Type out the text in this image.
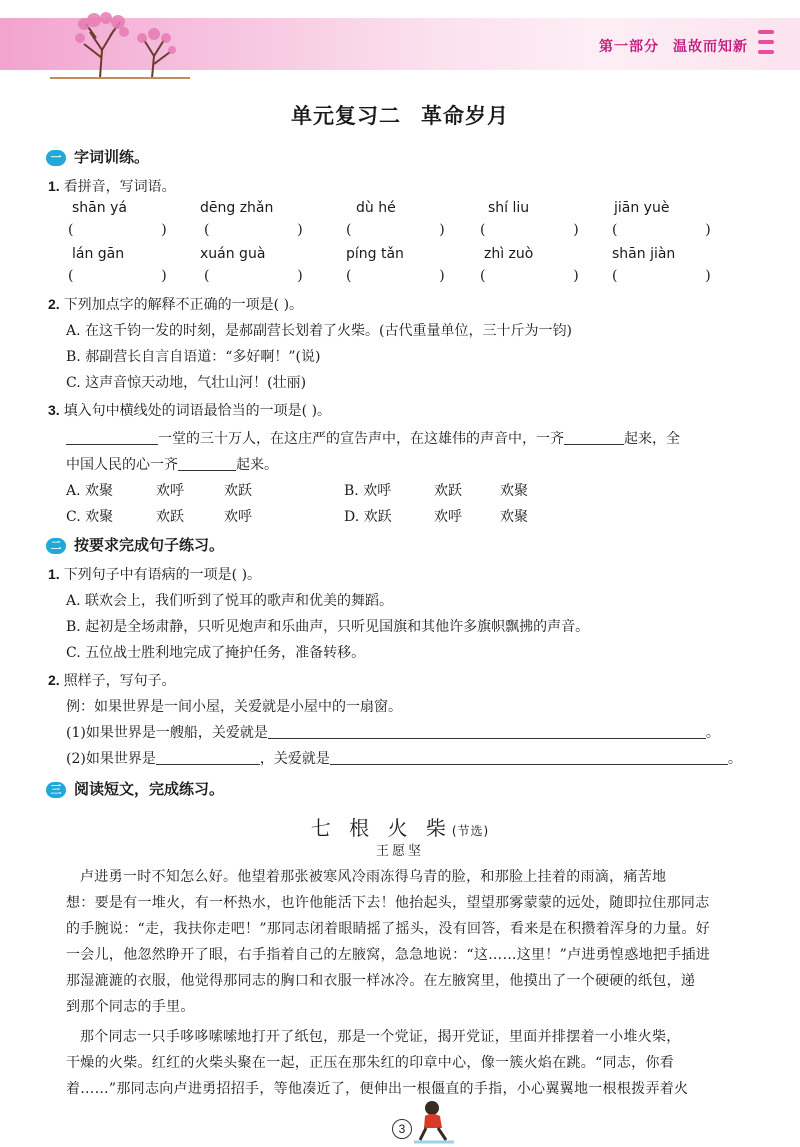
第一部分 温故而知新
单元复习二 革命岁月
一 字词训练。
1. 看拼音，写词语。
shān yá	dēng zhǎn	dù hé	shí liu	jiān yuè
(    ) (    ) (    ) (    ) (    )
lán gān	xuán guà	píng tǎn	zhì zuò	shān jiàn
(    ) (    ) (    ) (    ) (    )
2. 下列加点字的解释不正确的一项是( )。
A. 在这千钧一发的时刻，是郝副营长划着了火柴。(古代重量单位，三十斤为一钧)
B. 郝副营长自言自语道：“多好啊！”(说)
C. 这声音惊天动地，气壮山河！(壮丽)
3. 填入句中横线处的词语最恰当的一项是( )。
一堂的三十万人，在这庄严的宣告声中，在这雄伟的声音中，一齐	起来，全
中国人民的心一齐	起来。
A. 欢聚	欢呼	欢跃	B. 欢呼	欢跃	欢聚
C. 欢聚	欢跃	欢呼	D. 欢跃	欢呼	欢聚
二 按要求完成句子练习。
1. 下列句子中有语病的一项是( )。
A. 联欢会上，我们听到了悦耳的歌声和优美的舞蹈。
B. 起初是全场肃静，只听见炮声和乐曲声，只听见国旗和其他许多旗帜飘拂的声音。
C. 五位战士胜利地完成了掩护任务，准备转移。
2. 照样子，写句子。
例：如果世界是一间小屋，关爱就是小屋中的一扇窗。
(1)如果世界是一艘船，关爱就是	。
(2)如果世界是	，关爱就是	。
三 阅读短文，完成练习。
七 根 火 柴(节选)
王愿坚
卢进勇一时不知怎么好。他望着那张被寒风冷雨冻得乌青的脸，和那脸上挂着的雨滴，痛苦地
想：要是有一堆火，有一杯热水，也许他能活下去！他抬起头，望望那雾蒙蒙的远处，随即拉住那同志
的手腕说：“走，我扶你走吧！”那同志闭着眼睛摇了摇头，没有回答，看来是在积攒着浑身的力量。好
一会儿，他忽然睁开了眼，右手指着自己的左腋窝，急急地说：“这……这里！”卢进勇惶惑地把手插进
那湿漉漉的衣服，他觉得那同志的胸口和衣服一样冰冷。在左腋窝里，他摸出了一个硬硬的纸包，递
到那个同志的手里。
那个同志一只手哆哆嗦嗦地打开了纸包，那是一个党证，揭开党证，里面并排摆着一小堆火柴，
干燥的火柴。红红的火柴头聚在一起，正压在那朱红的印章中心，像一簇火焰在跳。“同志，你看
着……”那同志向卢进勇招招手，等他凑近了，便伸出一根僵直的手指，小心翼翼地一根根拨弄着火
3
